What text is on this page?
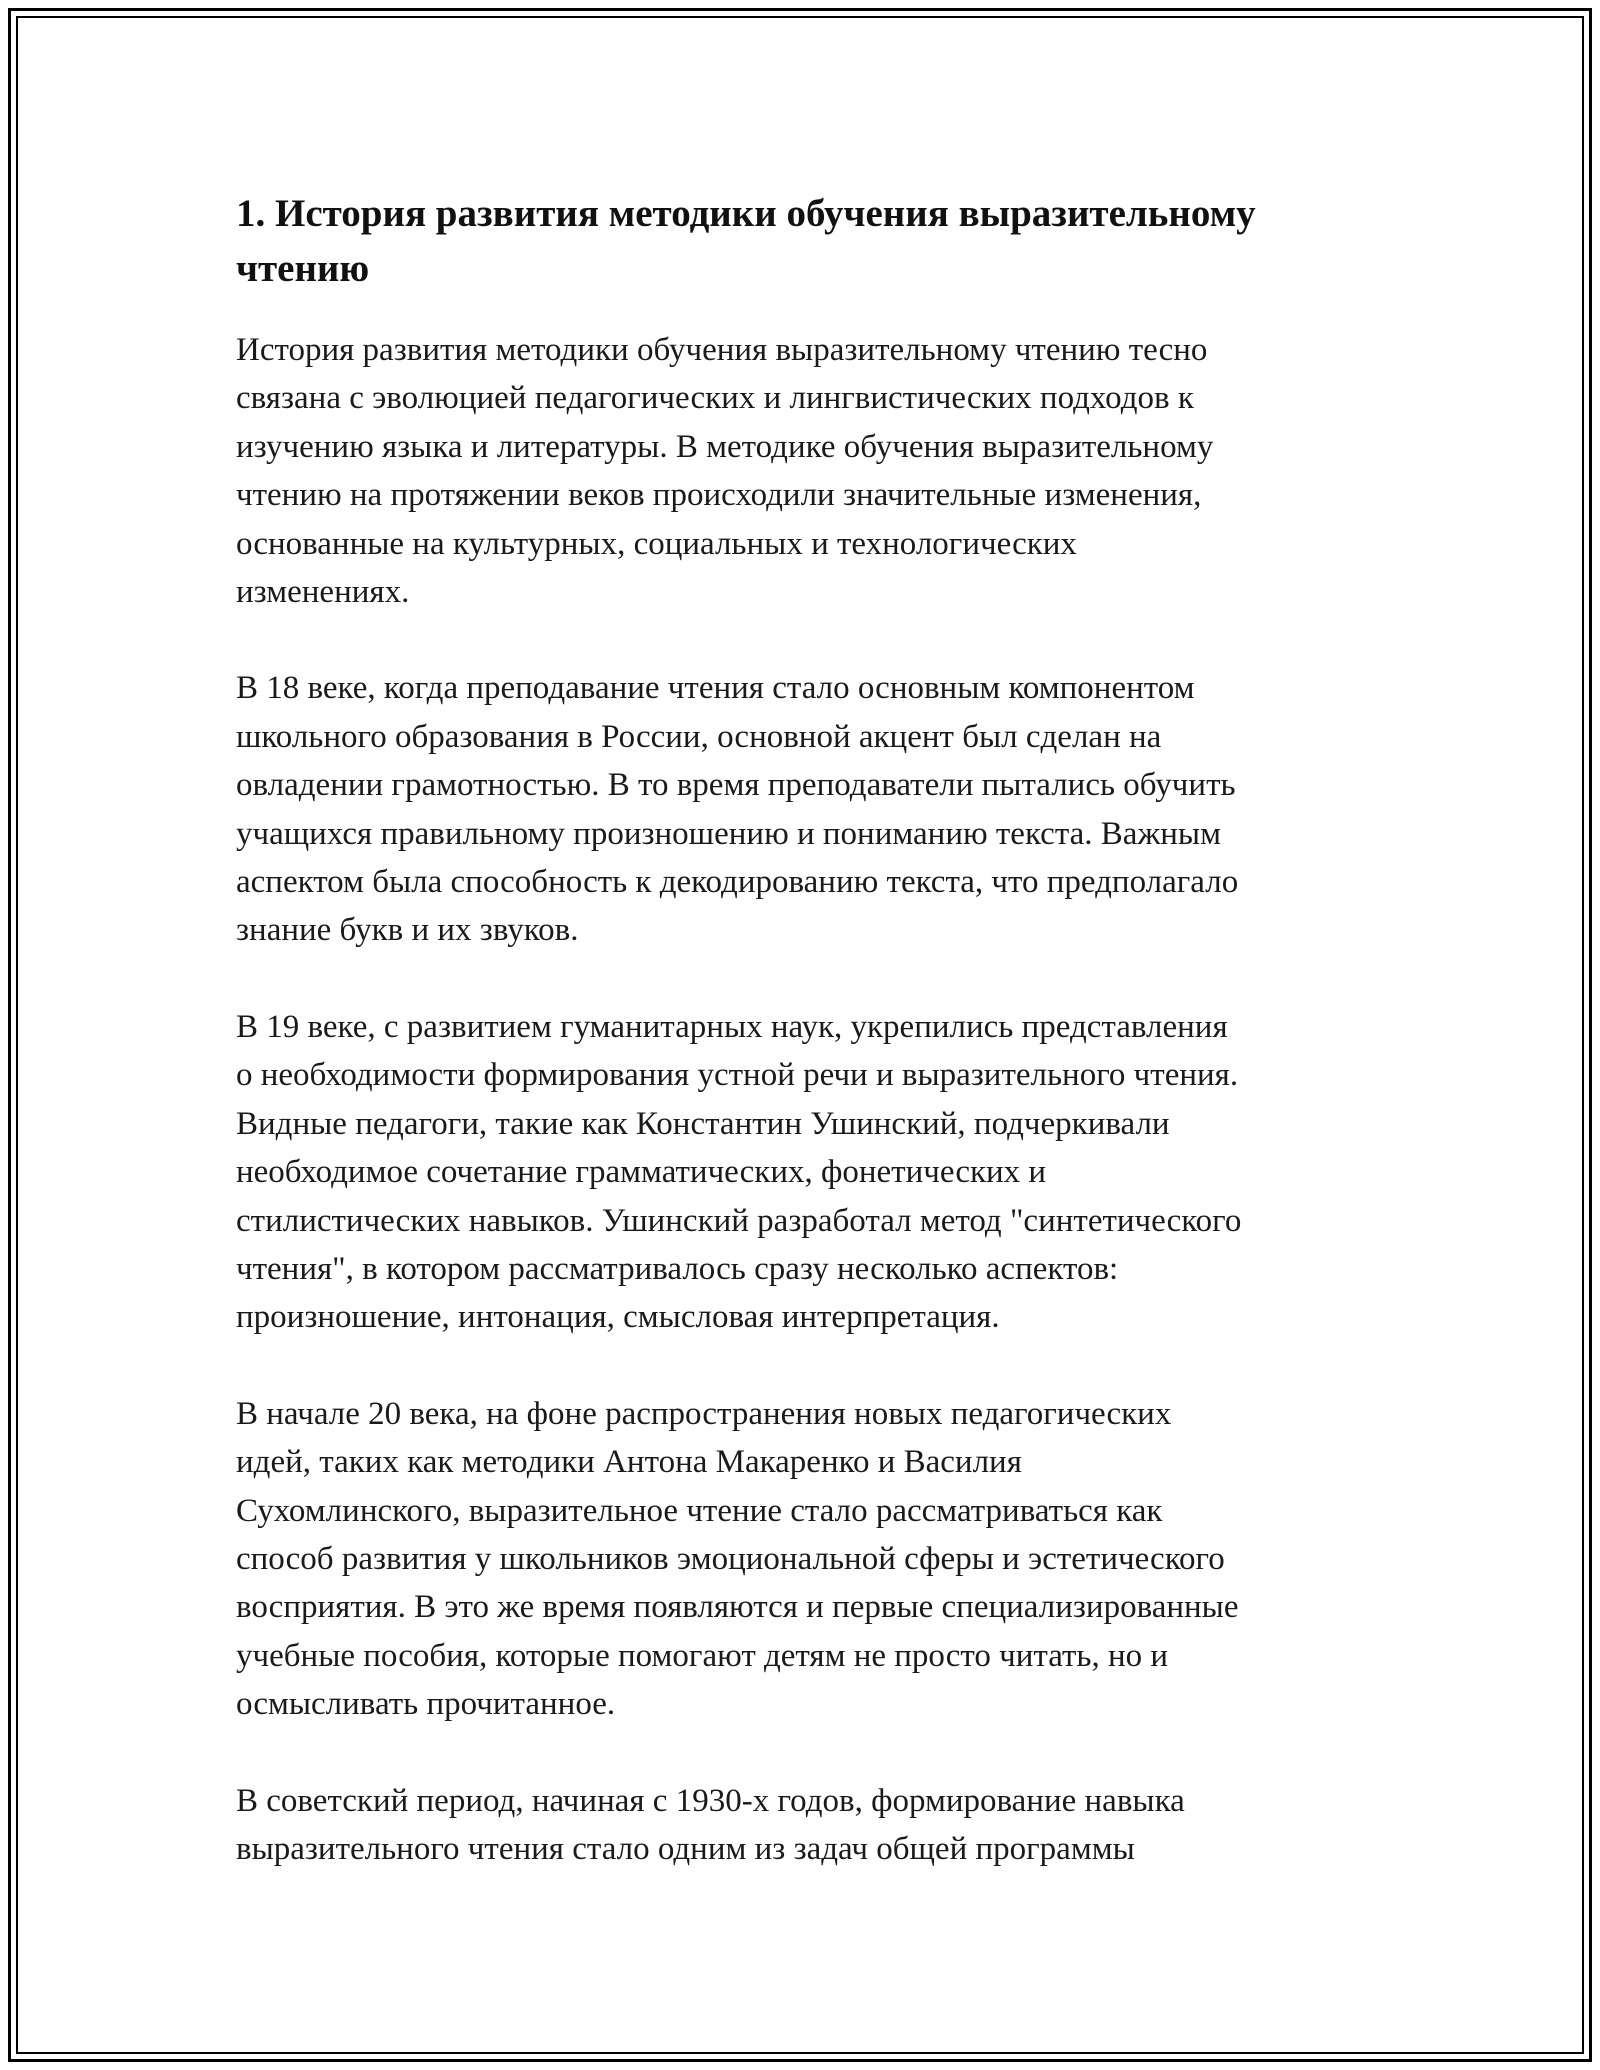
1. История развития методики обучения выразительному чтению

История развития методики обучения выразительному чтению тесно
связана с эволюцией педагогических и лингвистических подходов к
изучению языка и литературы. В методике обучения выразительному
чтению на протяжении веков происходили значительные изменения,
основанные на культурных, социальных и технологических
изменениях.

В 18 веке, когда преподавание чтения стало основным компонентом
школьного образования в России, основной акцент был сделан на
овладении грамотностью. В то время преподаватели пытались обучить
учащихся правильному произношению и пониманию текста. Важным
аспектом была способность к декодированию текста, что предполагало
знание букв и их звуков.

В 19 веке, с развитием гуманитарных наук, укрепились представления
о необходимости формирования устной речи и выразительного чтения.
Видные педагоги, такие как Константин Ушинский, подчеркивали
необходимое сочетание грамматических, фонетических и
стилистических навыков. Ушинский разработал метод "синтетического
чтения", в котором рассматривалось сразу несколько аспектов:
произношение, интонация, смысловая интерпретация.

В начале 20 века, на фоне распространения новых педагогических
идей, таких как методики Антона Макаренко и Василия
Сухомлинского, выразительное чтение стало рассматриваться как
способ развития у школьников эмоциональной сферы и эстетического
восприятия. В это же время появляются и первые специализированные
учебные пособия, которые помогают детям не просто читать, но и
осмысливать прочитанное.

В советский период, начиная с 1930-х годов, формирование навыка
выразительного чтения стало одним из задач общей программы
